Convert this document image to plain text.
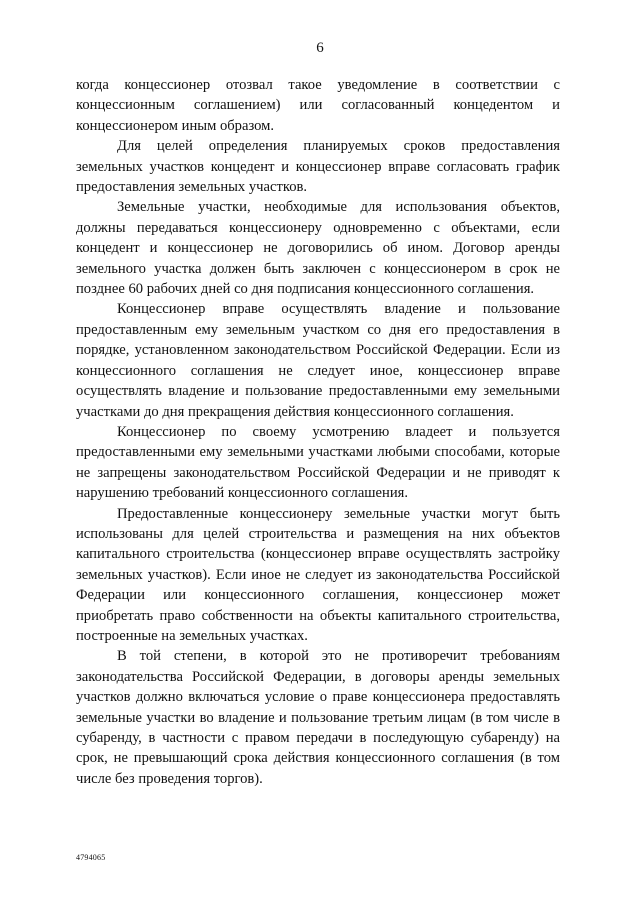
6

когда концессионер отозвал такое уведомление в соответствии с концессионным соглашением) или согласованный концедентом и концессионером иным образом.

Для целей определения планируемых сроков предоставления земельных участков концедент и концессионер вправе согласовать график предоставления земельных участков.

Земельные участки, необходимые для использования объектов, должны передаваться концессионеру одновременно с объектами, если концедент и концессионер не договорились об ином. Договор аренды земельного участка должен быть заключен с концессионером в срок не позднее 60 рабочих дней со дня подписания концессионного соглашения.

Концессионер вправе осуществлять владение и пользование предоставленным ему земельным участком со дня его предоставления в порядке, установленном законодательством Российской Федерации. Если из концессионного соглашения не следует иное, концессионер вправе осуществлять владение и пользование предоставленными ему земельными участками до дня прекращения действия концессионного соглашения.

Концессионер по своему усмотрению владеет и пользуется предоставленными ему земельными участками любыми способами, которые не запрещены законодательством Российской Федерации и не приводят к нарушению требований концессионного соглашения.

Предоставленные концессионеру земельные участки могут быть использованы для целей строительства и размещения на них объектов капитального строительства (концессионер вправе осуществлять застройку земельных участков). Если иное не следует из законодательства Российской Федерации или концессионного соглашения, концессионер может приобретать право собственности на объекты капитального строительства, построенные на земельных участках.

В той степени, в которой это не противоречит требованиям законодательства Российской Федерации, в договоры аренды земельных участков должно включаться условие о праве концессионера предоставлять земельные участки во владение и пользование третьим лицам (в том числе в субаренду, в частности с правом передачи в последующую субаренду) на срок, не превышающий срока действия концессионного соглашения (в том числе без проведения торгов).

4794065
